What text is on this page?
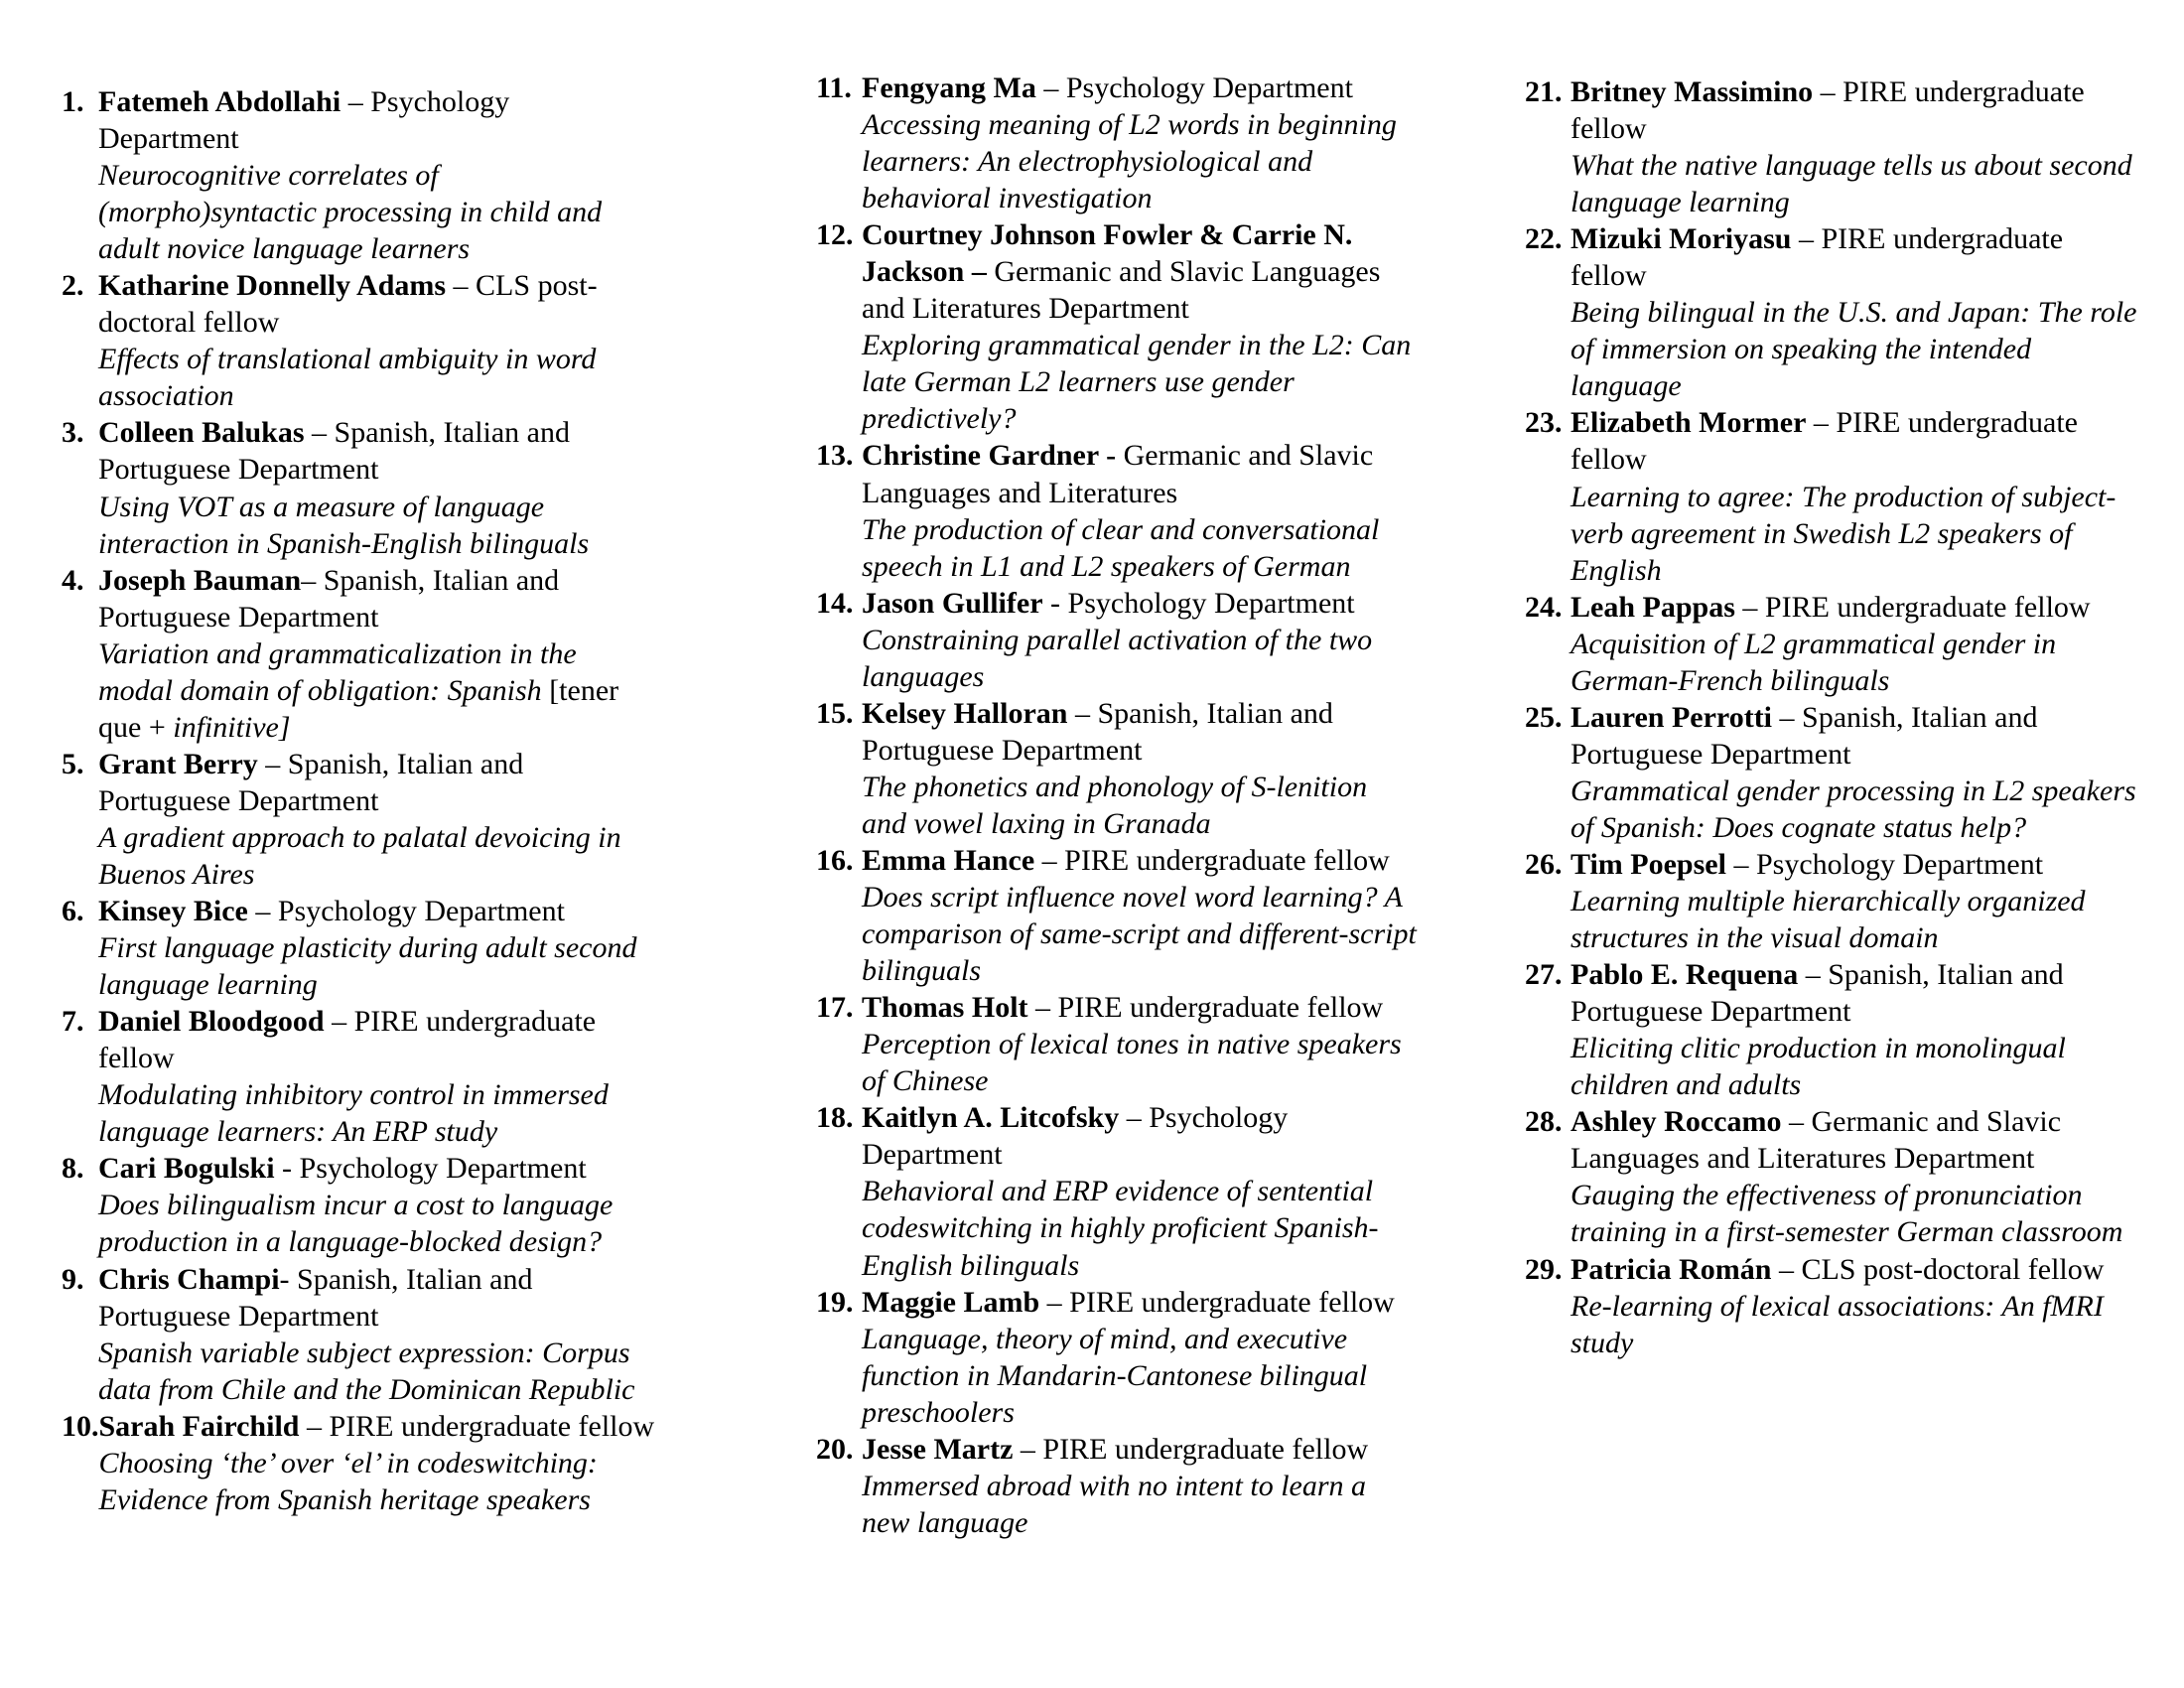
1. Fatemeh Abdollahi – Psychology Department
Neurocognitive correlates of (morpho)syntactic processing in child and adult novice language learners
2. Katharine Donnelly Adams – CLS post-doctoral fellow
Effects of translational ambiguity in word association
3. Colleen Balukas – Spanish, Italian and Portuguese Department
Using VOT as a measure of language interaction in Spanish-English bilinguals
4. Joseph Bauman– Spanish, Italian and Portuguese Department
Variation and grammaticalization in the modal domain of obligation: Spanish [tener que + infinitive]
5. Grant Berry – Spanish, Italian and Portuguese Department
A gradient approach to palatal devoicing in Buenos Aires
6. Kinsey Bice – Psychology Department
First language plasticity during adult second language learning
7. Daniel Bloodgood – PIRE undergraduate fellow
Modulating inhibitory control in immersed language learners: An ERP study
8. Cari Bogulski - Psychology Department
Does bilingualism incur a cost to language production in a language-blocked design?
9. Chris Champi- Spanish, Italian and Portuguese Department
Spanish variable subject expression: Corpus data from Chile and the Dominican Republic
10. Sarah Fairchild – PIRE undergraduate fellow
Choosing ‘the’ over ‘el’ in codeswitching: Evidence from Spanish heritage speakers
11. Fengyang Ma – Psychology Department
Accessing meaning of L2 words in beginning learners: An electrophysiological and behavioral investigation
12. Courtney Johnson Fowler & Carrie N. Jackson – Germanic and Slavic Languages and Literatures Department
Exploring grammatical gender in the L2: Can late German L2 learners use gender predictively?
13. Christine Gardner - Germanic and Slavic Languages and Literatures
The production of clear and conversational speech in L1 and L2 speakers of German
14. Jason Gullifer - Psychology Department
Constraining parallel activation of the two languages
15. Kelsey Halloran – Spanish, Italian and Portuguese Department
The phonetics and phonology of S-lenition and vowel laxing in Granada
16. Emma Hance – PIRE undergraduate fellow
Does script influence novel word learning? A comparison of same-script and different-script bilinguals
17. Thomas Holt – PIRE undergraduate fellow
Perception of lexical tones in native speakers of Chinese
18. Kaitlyn A. Litcofsky – Psychology Department
Behavioral and ERP evidence of sentential codeswitching in highly proficient Spanish-English bilinguals
19. Maggie Lamb – PIRE undergraduate fellow
Language, theory of mind, and executive function in Mandarin-Cantonese bilingual preschoolers
20. Jesse Martz – PIRE undergraduate fellow
Immersed abroad with no intent to learn a new language
21. Britney Massimino – PIRE undergraduate fellow
What the native language tells us about second language learning
22. Mizuki Moriyasu – PIRE undergraduate fellow
Being bilingual in the U.S. and Japan: The role of immersion on speaking the intended language
23. Elizabeth Mormer – PIRE undergraduate fellow
Learning to agree: The production of subject-verb agreement in Swedish L2 speakers of English
24. Leah Pappas – PIRE undergraduate fellow
Acquisition of L2 grammatical gender in German-French bilinguals
25. Lauren Perrotti – Spanish, Italian and Portuguese Department
Grammatical gender processing in L2 speakers of Spanish: Does cognate status help?
26. Tim Poepsel – Psychology Department
Learning multiple hierarchically organized structures in the visual domain
27. Pablo E. Requena – Spanish, Italian and Portuguese Department
Eliciting clitic production in monolingual children and adults
28. Ashley Roccamo – Germanic and Slavic Languages and Literatures Department
Gauging the effectiveness of pronunciation training in a first-semester German classroom
29. Patricia Román – CLS post-doctoral fellow
Re-learning of lexical associations: An fMRI study
